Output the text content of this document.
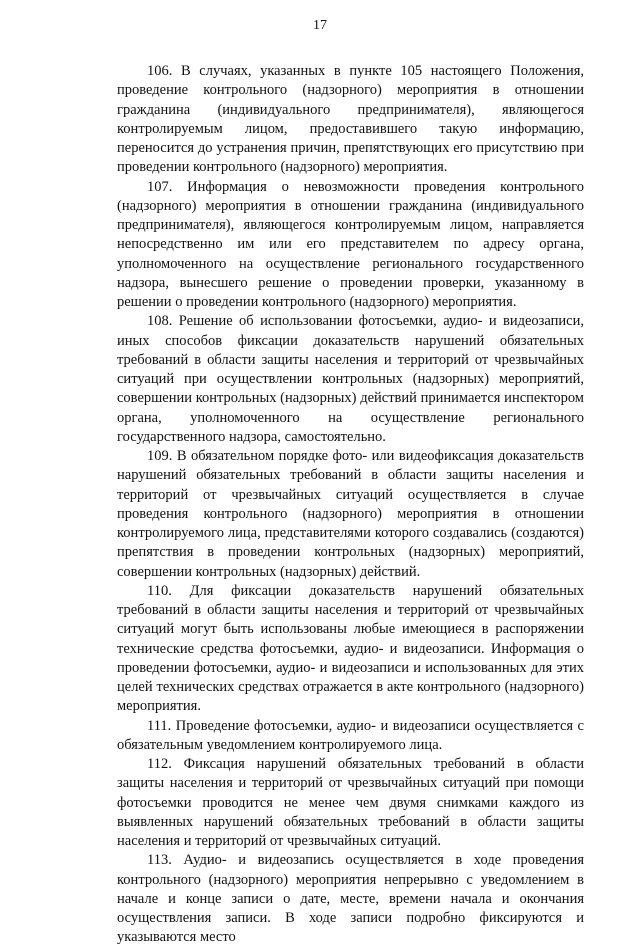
17

106. В случаях, указанных в пункте 105 настоящего Положения, проведение контрольного (надзорного) мероприятия в отношении гражданина (индивидуального предпринимателя), являющегося контролируемым лицом, предоставившего такую информацию, переносится до устранения причин, препятствующих его присутствию при проведении контрольного (надзорного) мероприятия.

107. Информация о невозможности проведения контрольного (надзорного) мероприятия в отношении гражданина (индивидуального предпринимателя), являющегося контролируемым лицом, направляется непосредственно им или его представителем по адресу органа, уполномоченного на осуществление регионального государственного надзора, вынесшего решение о проведении проверки, указанному в решении о проведении контрольного (надзорного) мероприятия.

108. Решение об использовании фотосъемки, аудио- и видеозаписи, иных способов фиксации доказательств нарушений обязательных требований в области защиты населения и территорий от чрезвычайных ситуаций при осуществлении контрольных (надзорных) мероприятий, совершении контрольных (надзорных) действий принимается инспектором органа, уполномоченного на осуществление регионального государственного надзора, самостоятельно.

109. В обязательном порядке фото- или видеофиксация доказательств нарушений обязательных требований в области защиты населения и территорий от чрезвычайных ситуаций осуществляется в случае проведения контрольного (надзорного) мероприятия в отношении контролируемого лица, представителями которого создавались (создаются) препятствия в проведении контрольных (надзорных) мероприятий, совершении контрольных (надзорных) действий.

110. Для фиксации доказательств нарушений обязательных требований в области защиты населения и территорий от чрезвычайных ситуаций могут быть использованы любые имеющиеся в распоряжении технические средства фотосъемки, аудио- и видеозаписи. Информация о проведении фотосъемки, аудио- и видеозаписи и использованных для этих целей технических средствах отражается в акте контрольного (надзорного) мероприятия.

111. Проведение фотосъемки, аудио- и видеозаписи осуществляется с обязательным уведомлением контролируемого лица.

112. Фиксация нарушений обязательных требований в области защиты населения и территорий от чрезвычайных ситуаций при помощи фотосъемки проводится не менее чем двумя снимками каждого из выявленных нарушений обязательных требований в области защиты населения и территорий от чрезвычайных ситуаций.

113. Аудио- и видеозапись осуществляется в ходе проведения контрольного (надзорного) мероприятия непрерывно с уведомлением в начале и конце записи о дате, месте, времени начала и окончания осуществления записи. В ходе записи подробно фиксируются и указываются место
